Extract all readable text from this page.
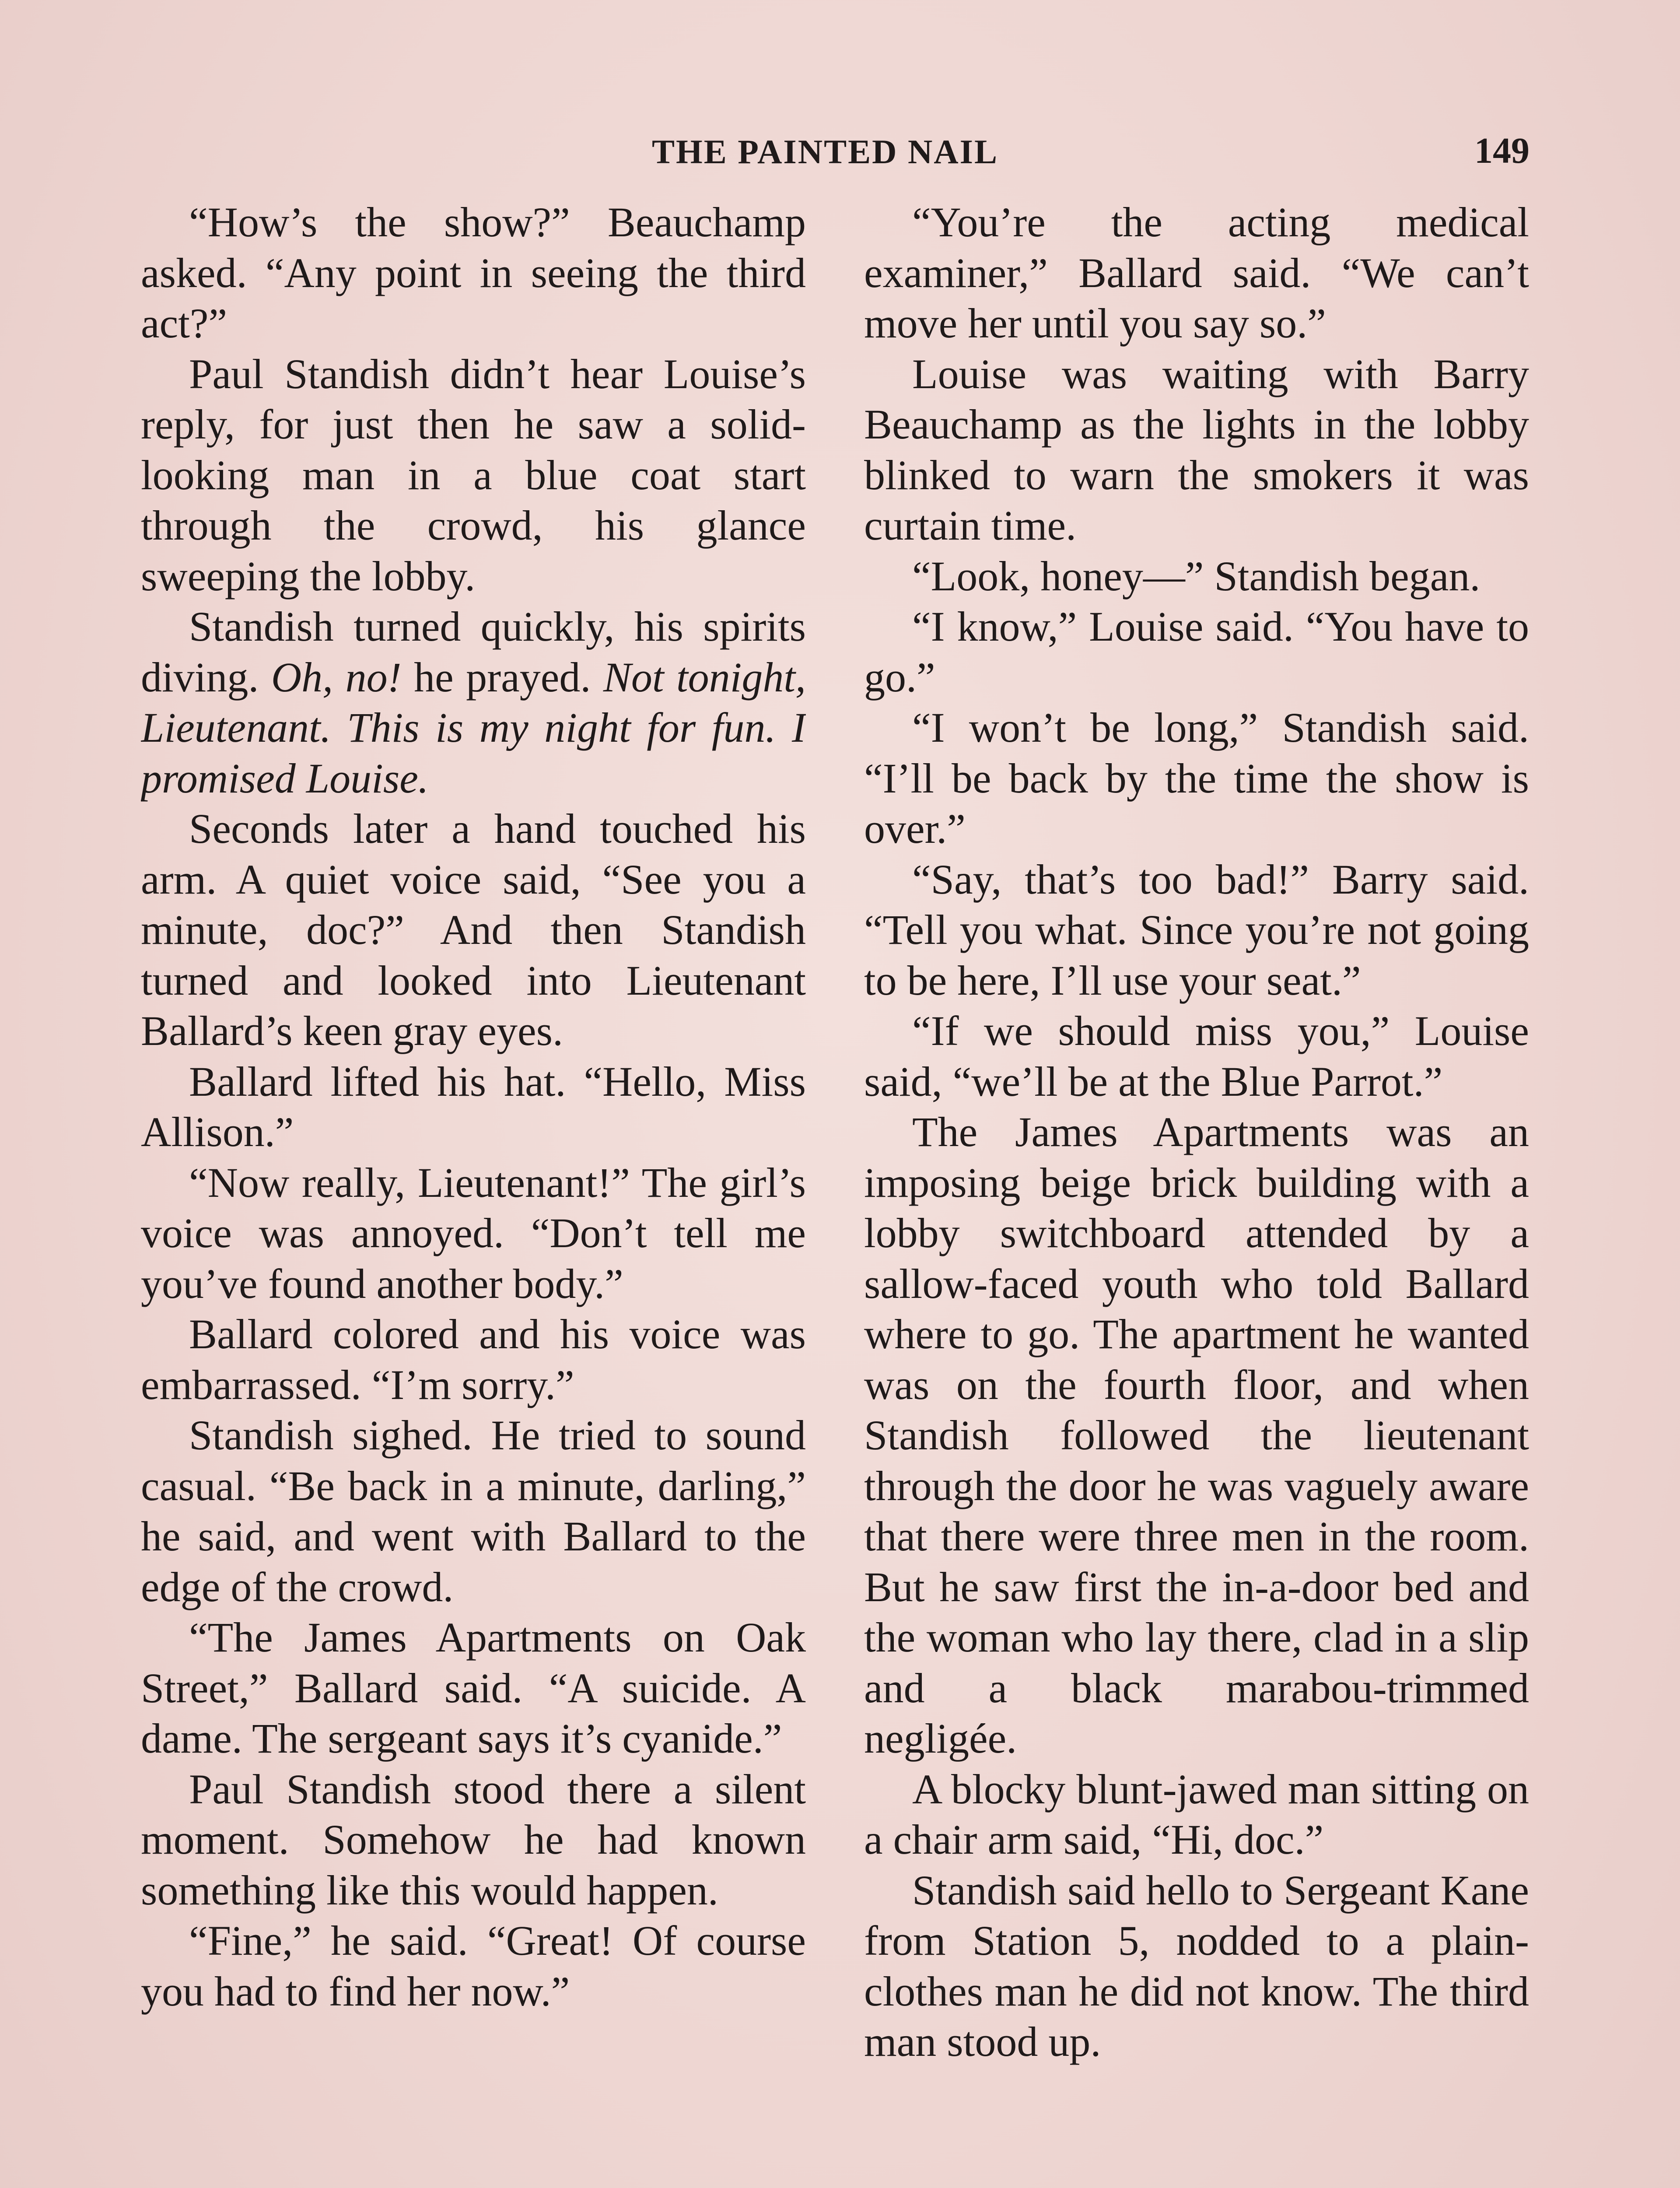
THE PAINTED NAIL	149

“How’s the show?” Beauchamp asked. “Any point in seeing the third act?”

Paul Standish didn’t hear Louise’s reply, for just then he saw a solid-looking man in a blue coat start through the crowd, his glance sweeping the lobby.

Standish turned quickly, his spirits diving. Oh, no! he prayed. Not tonight, Lieutenant. This is my night for fun. I promised Louise.

Seconds later a hand touched his arm. A quiet voice said, “See you a minute, doc?” And then Standish turned and looked into Lieutenant Ballard’s keen gray eyes.

Ballard lifted his hat. “Hello, Miss Allison.”

“Now really, Lieutenant!” The girl’s voice was annoyed. “Don’t tell me you’ve found another body.”

Ballard colored and his voice was embarrassed. “I’m sorry.”

Standish sighed. He tried to sound casual. “Be back in a minute, darling,” he said, and went with Ballard to the edge of the crowd.

“The James Apartments on Oak Street,” Ballard said. “A suicide. A dame. The sergeant says it’s cyanide.”

Paul Standish stood there a silent moment. Somehow he had known something like this would happen.

“Fine,” he said. “Great! Of course you had to find her now.”

“You’re the acting medical examiner,” Ballard said. “We can’t move her until you say so.”

Louise was waiting with Barry Beauchamp as the lights in the lobby blinked to warn the smokers it was curtain time.

“Look, honey—” Standish began.

“I know,” Louise said. “You have to go.”

“I won’t be long,” Standish said. “I’ll be back by the time the show is over.”

“Say, that’s too bad!” Barry said. “Tell you what. Since you’re not going to be here, I’ll use your seat.”

“If we should miss you,” Louise said, “we’ll be at the Blue Parrot.”

The James Apartments was an imposing beige brick building with a lobby switchboard attended by a sallow-faced youth who told Ballard where to go. The apartment he wanted was on the fourth floor, and when Standish followed the lieutenant through the door he was vaguely aware that there were three men in the room. But he saw first the in-a-door bed and the woman who lay there, clad in a slip and a black marabou-trimmed negligée.

A blocky blunt-jawed man sitting on a chair arm said, “Hi, doc.”

Standish said hello to Sergeant Kane from Station 5, nodded to a plain-clothes man he did not know. The third man stood up.
